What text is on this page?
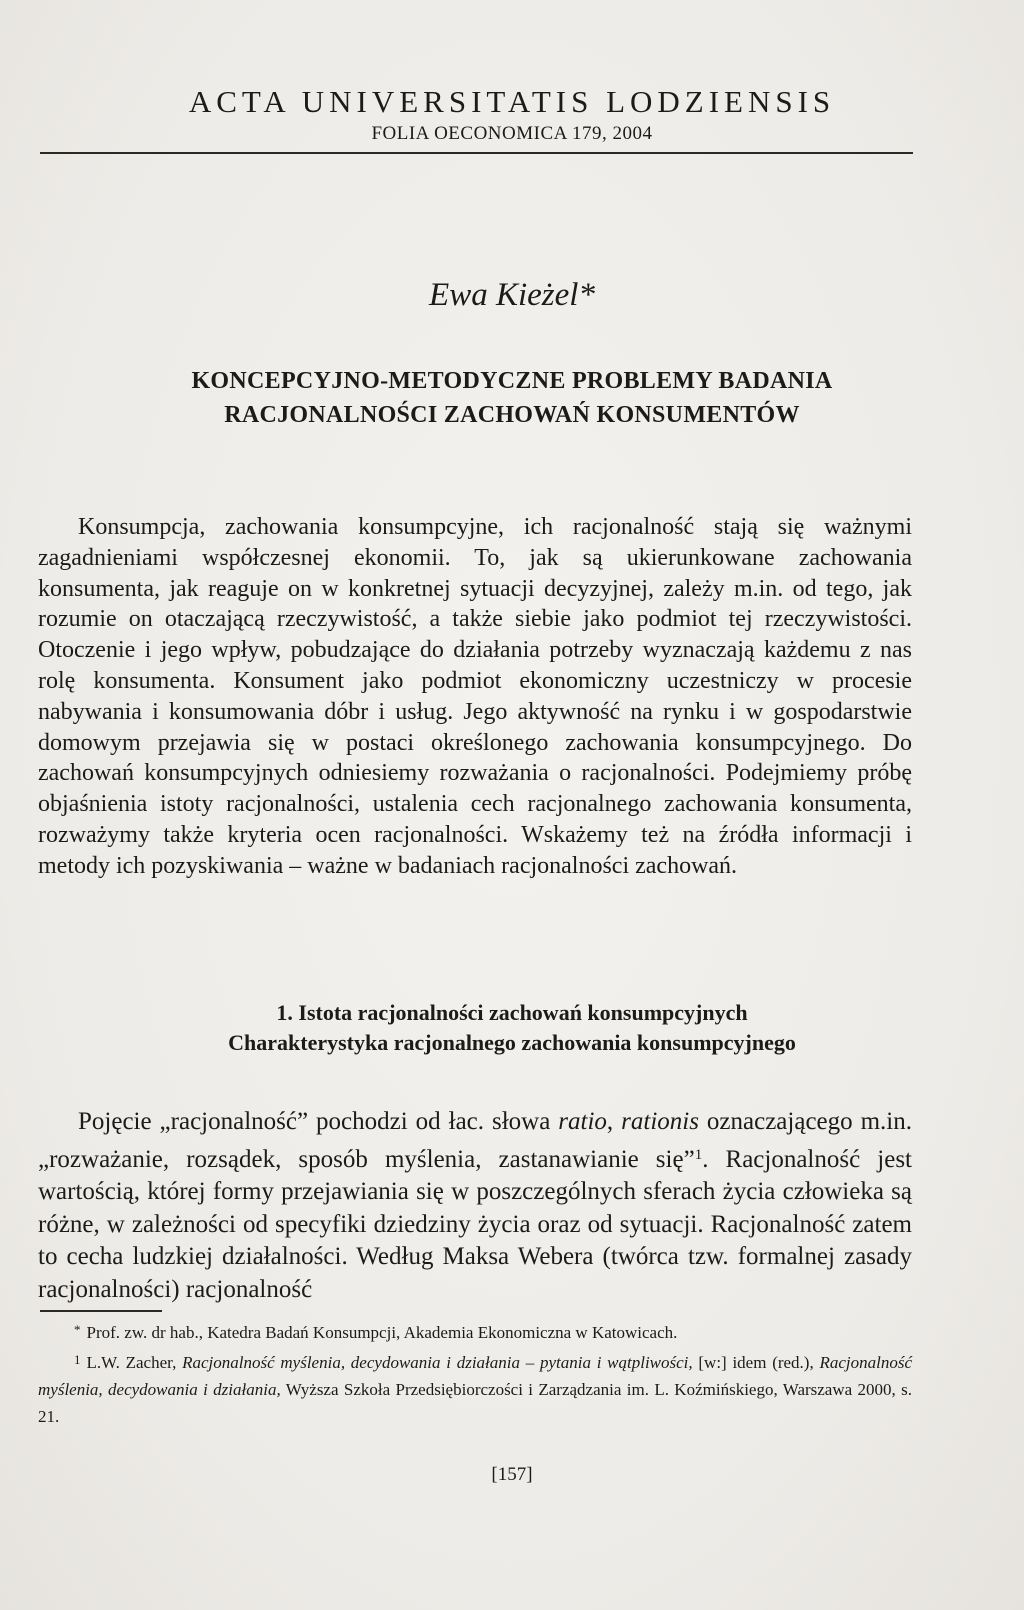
ACTA UNIVERSITATIS LODZIENSIS
FOLIA OECONOMICA 179, 2004
Ewa Kieżel*
KONCEPCYJNO-METODYCZNE PROBLEMY BADANIA
RACJONALNOŚCI ZACHOWAŃ KONSUMENTÓW

Konsumpcja, zachowania konsumpcyjne, ich racjonalność stają się ważnymi zagadnieniami współczesnej ekonomii. To, jak są ukierunkowane zachowania konsumenta, jak reaguje on w konkretnej sytuacji decyzyjnej, zależy m.in. od tego, jak rozumie on otaczającą rzeczywistość, a także siebie jako podmiot tej rzeczywistości. Otoczenie i jego wpływ, pobudzające do działania potrzeby wyznaczają każdemu z nas rolę konsumenta. Konsument jako podmiot ekonomiczny uczestniczy w procesie nabywania i konsumowania dóbr i usług. Jego aktywność na rynku i w gospodarstwie domowym przejawia się w postaci określonego zachowania konsumpcyjnego. Do zachowań konsumpcyjnych odniesiemy rozważania o racjonalności. Podejmiemy próbę objaśnienia istoty racjonalności, ustalenia cech racjonalnego zachowania konsumenta, rozważymy także kryteria ocen racjonalności. Wskażemy też na źródła informacji i metody ich pozyskiwania – ważne w badaniach racjonalności zachowań.

1. Istota racjonalności zachowań konsumpcyjnych
Charakterystyka racjonalnego zachowania konsumpcyjnego

Pojęcie „racjonalność” pochodzi od łac. słowa ratio, rationis oznaczającego m.in. „rozważanie, rozsądek, sposób myślenia, zastanawianie się”$^1$. Racjonalność jest wartością, której formy przejawiania się w poszczególnych sferach życia człowieka są różne, w zależności od specyfiki dziedziny życia oraz od sytuacji. Racjonalność zatem to cecha ludzkiej działalności. Według Maksa Webera (twórca tzw. formalnej zasady racjonalności) racjonalność

* Prof. zw. dr hab., Katedra Badań Konsumpcji, Akademia Ekonomiczna w Katowicach.

$^1$ L.W. Zacher, Racjonalność myślenia, decydowania i działania – pytania i wątpliwości, [w:] idem (red.), Racjonalność myślenia, decydowania i działania, Wyższa Szkoła Przedsiębiorczości i Zarządzania im. L. Koźmińskiego, Warszawa 2000, s. 21.

[157]
